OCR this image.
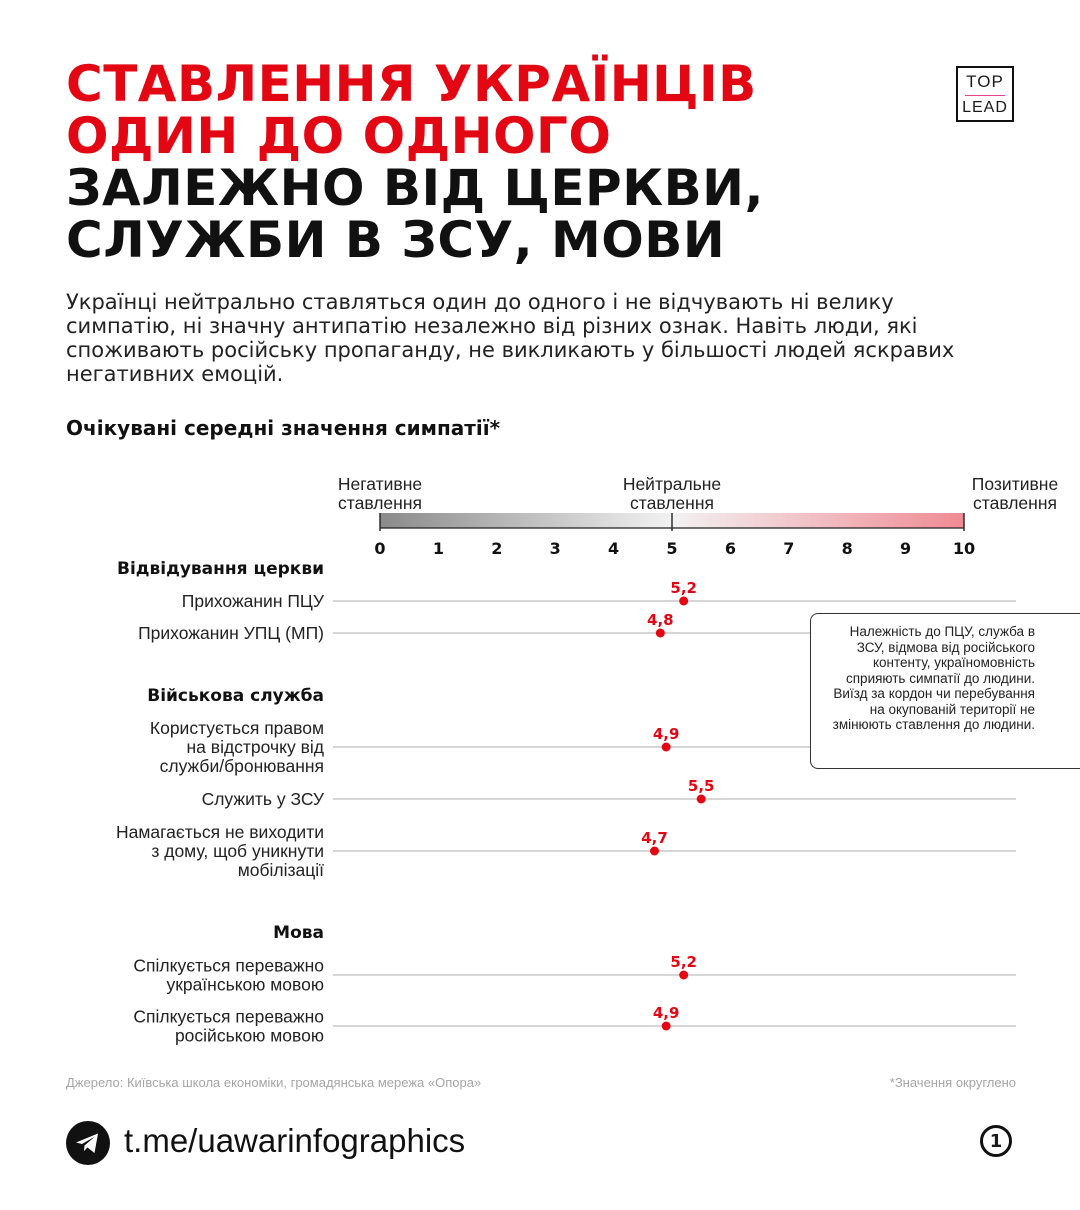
СТАВЛЕННЯ УКРАЇНЦІВ
ОДИН ДО ОДНОГО
ЗАЛЕЖНО ВІД ЦЕРКВИ,
СЛУЖБИ В ЗСУ, МОВИ
TOP
LEAD

Українці нейтрально ставляться один до одного і не відчувають ні велику симпатію, ні значну антипатію незалежно від різних ознак. Навіть люди, які споживають російську пропаганду, не викликають у більшості людей яскравих негативних емоцій.

Очікувані середні значення симпатії*
Негативне ставлення
Нейтральне ставлення
Позитивне ставлення
0	1	2	3	4	5	6	7	8	9	10
Відвідування церкви
Прихожанин ПЦУ
5,2
Прихожанин УПЦ (МП)
4,8
Військова служба
Користується правом на відстрочку від служби/бронювання
4,9
Служить у ЗСУ
5,5
Намагається не виходити з дому, щоб уникнути мобілізації
4,7
Мова
Спілкується переважно українською мовою
5,2
Спілкується переважно російською мовою
4,9
Належність до ПЦУ, служба в ЗСУ, відмова від російського контенту, україномовність сприяють симпатії до людини. Виїзд за кордон чи перебування на окупованій території не змінюють ставлення до людини.
Джерело: Київська школа економіки, громадянська мережа «Опора»	*Значення округлено
t.me/uawarinfographics	1
